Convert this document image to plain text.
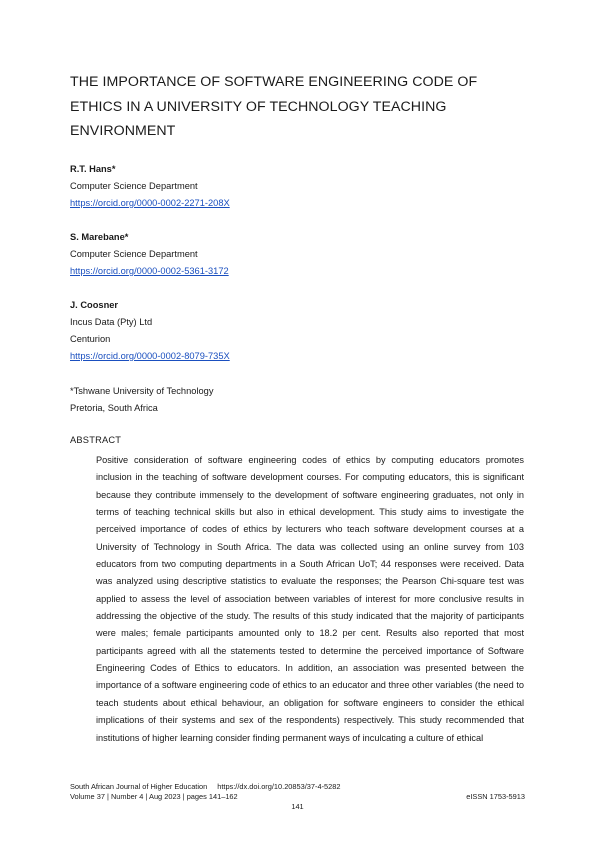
THE IMPORTANCE OF SOFTWARE ENGINEERING CODE OF ETHICS IN A UNIVERSITY OF TECHNOLOGY TEACHING ENVIRONMENT
R.T. Hans*
Computer Science Department
https://orcid.org/0000-0002-2271-208X
S. Marebane*
Computer Science Department
https://orcid.org/0000-0002-5361-3172
J. Coosner
Incus Data (Pty) Ltd
Centurion
https://orcid.org/0000-0002-8079-735X
*Tshwane University of Technology
Pretoria, South Africa
ABSTRACT

Positive consideration of software engineering codes of ethics by computing educators promotes inclusion in the teaching of software development courses. For computing educators, this is significant because they contribute immensely to the development of software engineering graduates, not only in terms of teaching technical skills but also in ethical development. This study aims to investigate the perceived importance of codes of ethics by lecturers who teach software development courses at a University of Technology in South Africa. The data was collected using an online survey from 103 educators from two computing departments in a South African UoT; 44 responses were received. Data was analyzed using descriptive statistics to evaluate the responses; the Pearson Chi-square test was applied to assess the level of association between variables of interest for more conclusive results in addressing the objective of the study. The results of this study indicated that the majority of participants were males; female participants amounted only to 18.2 per cent. Results also reported that most participants agreed with all the statements tested to determine the perceived importance of Software Engineering Codes of Ethics to educators. In addition, an association was presented between the importance of a software engineering code of ethics to an educator and three other variables (the need to teach students about ethical behaviour, an obligation for software engineers to consider the ethical implications of their systems and sex of the respondents) respectively. This study recommended that institutions of higher learning consider finding permanent ways of inculcating a culture of ethical

South African Journal of Higher Education https://dx.doi.org/10.20853/37-4-5282
Volume 37 | Number 4 | Aug 2023 | pages 141‒162	eISSN 1753-5913
141
